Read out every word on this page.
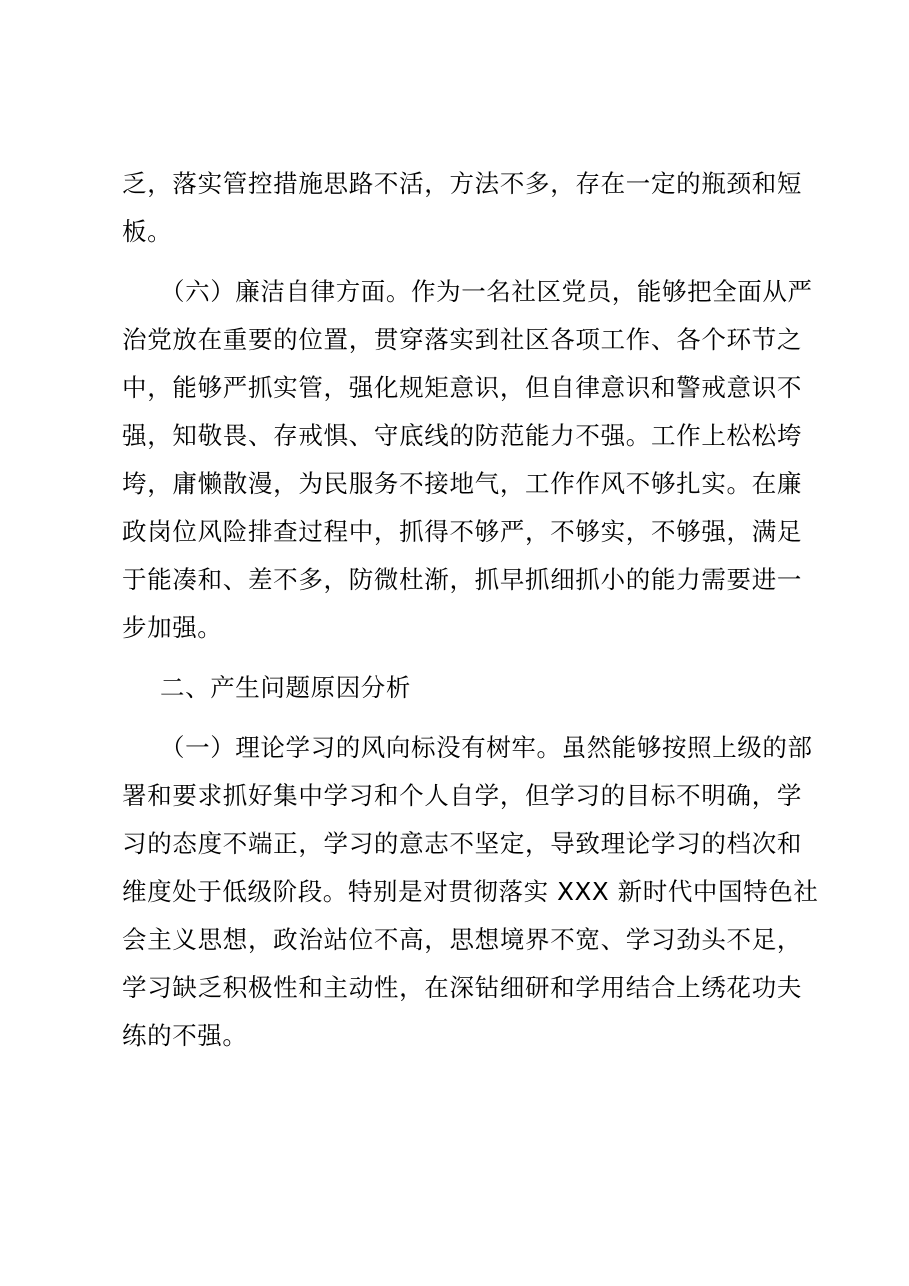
乏，落实管控措施思路不活，方法不多，存在一定的瓶颈和短
板。
（六）廉洁自律方面。作为一名社区党员，能够把全面从严
治党放在重要的位置，贯穿落实到社区各项工作、各个环节之
中，能够严抓实管，强化规矩意识，但自律意识和警戒意识不
强，知敬畏、存戒惧、守底线的防范能力不强。工作上松松垮
垮，庸懒散漫，为民服务不接地气，工作作风不够扎实。在廉
政岗位风险排查过程中，抓得不够严，不够实，不够强，满足
于能凑和、差不多，防微杜渐，抓早抓细抓小的能力需要进一
步加强。
二、产生问题原因分析
（一）理论学习的风向标没有树牢。虽然能够按照上级的部
署和要求抓好集中学习和个人自学，但学习的目标不明确，学
习的态度不端正，学习的意志不坚定，导致理论学习的档次和
维度处于低级阶段。特别是对贯彻落实 XXX 新时代中国特色社
会主义思想，政治站位不高，思想境界不宽、学习劲头不足，
学习缺乏积极性和主动性，在深钻细研和学用结合上绣花功夫
练的不强。
